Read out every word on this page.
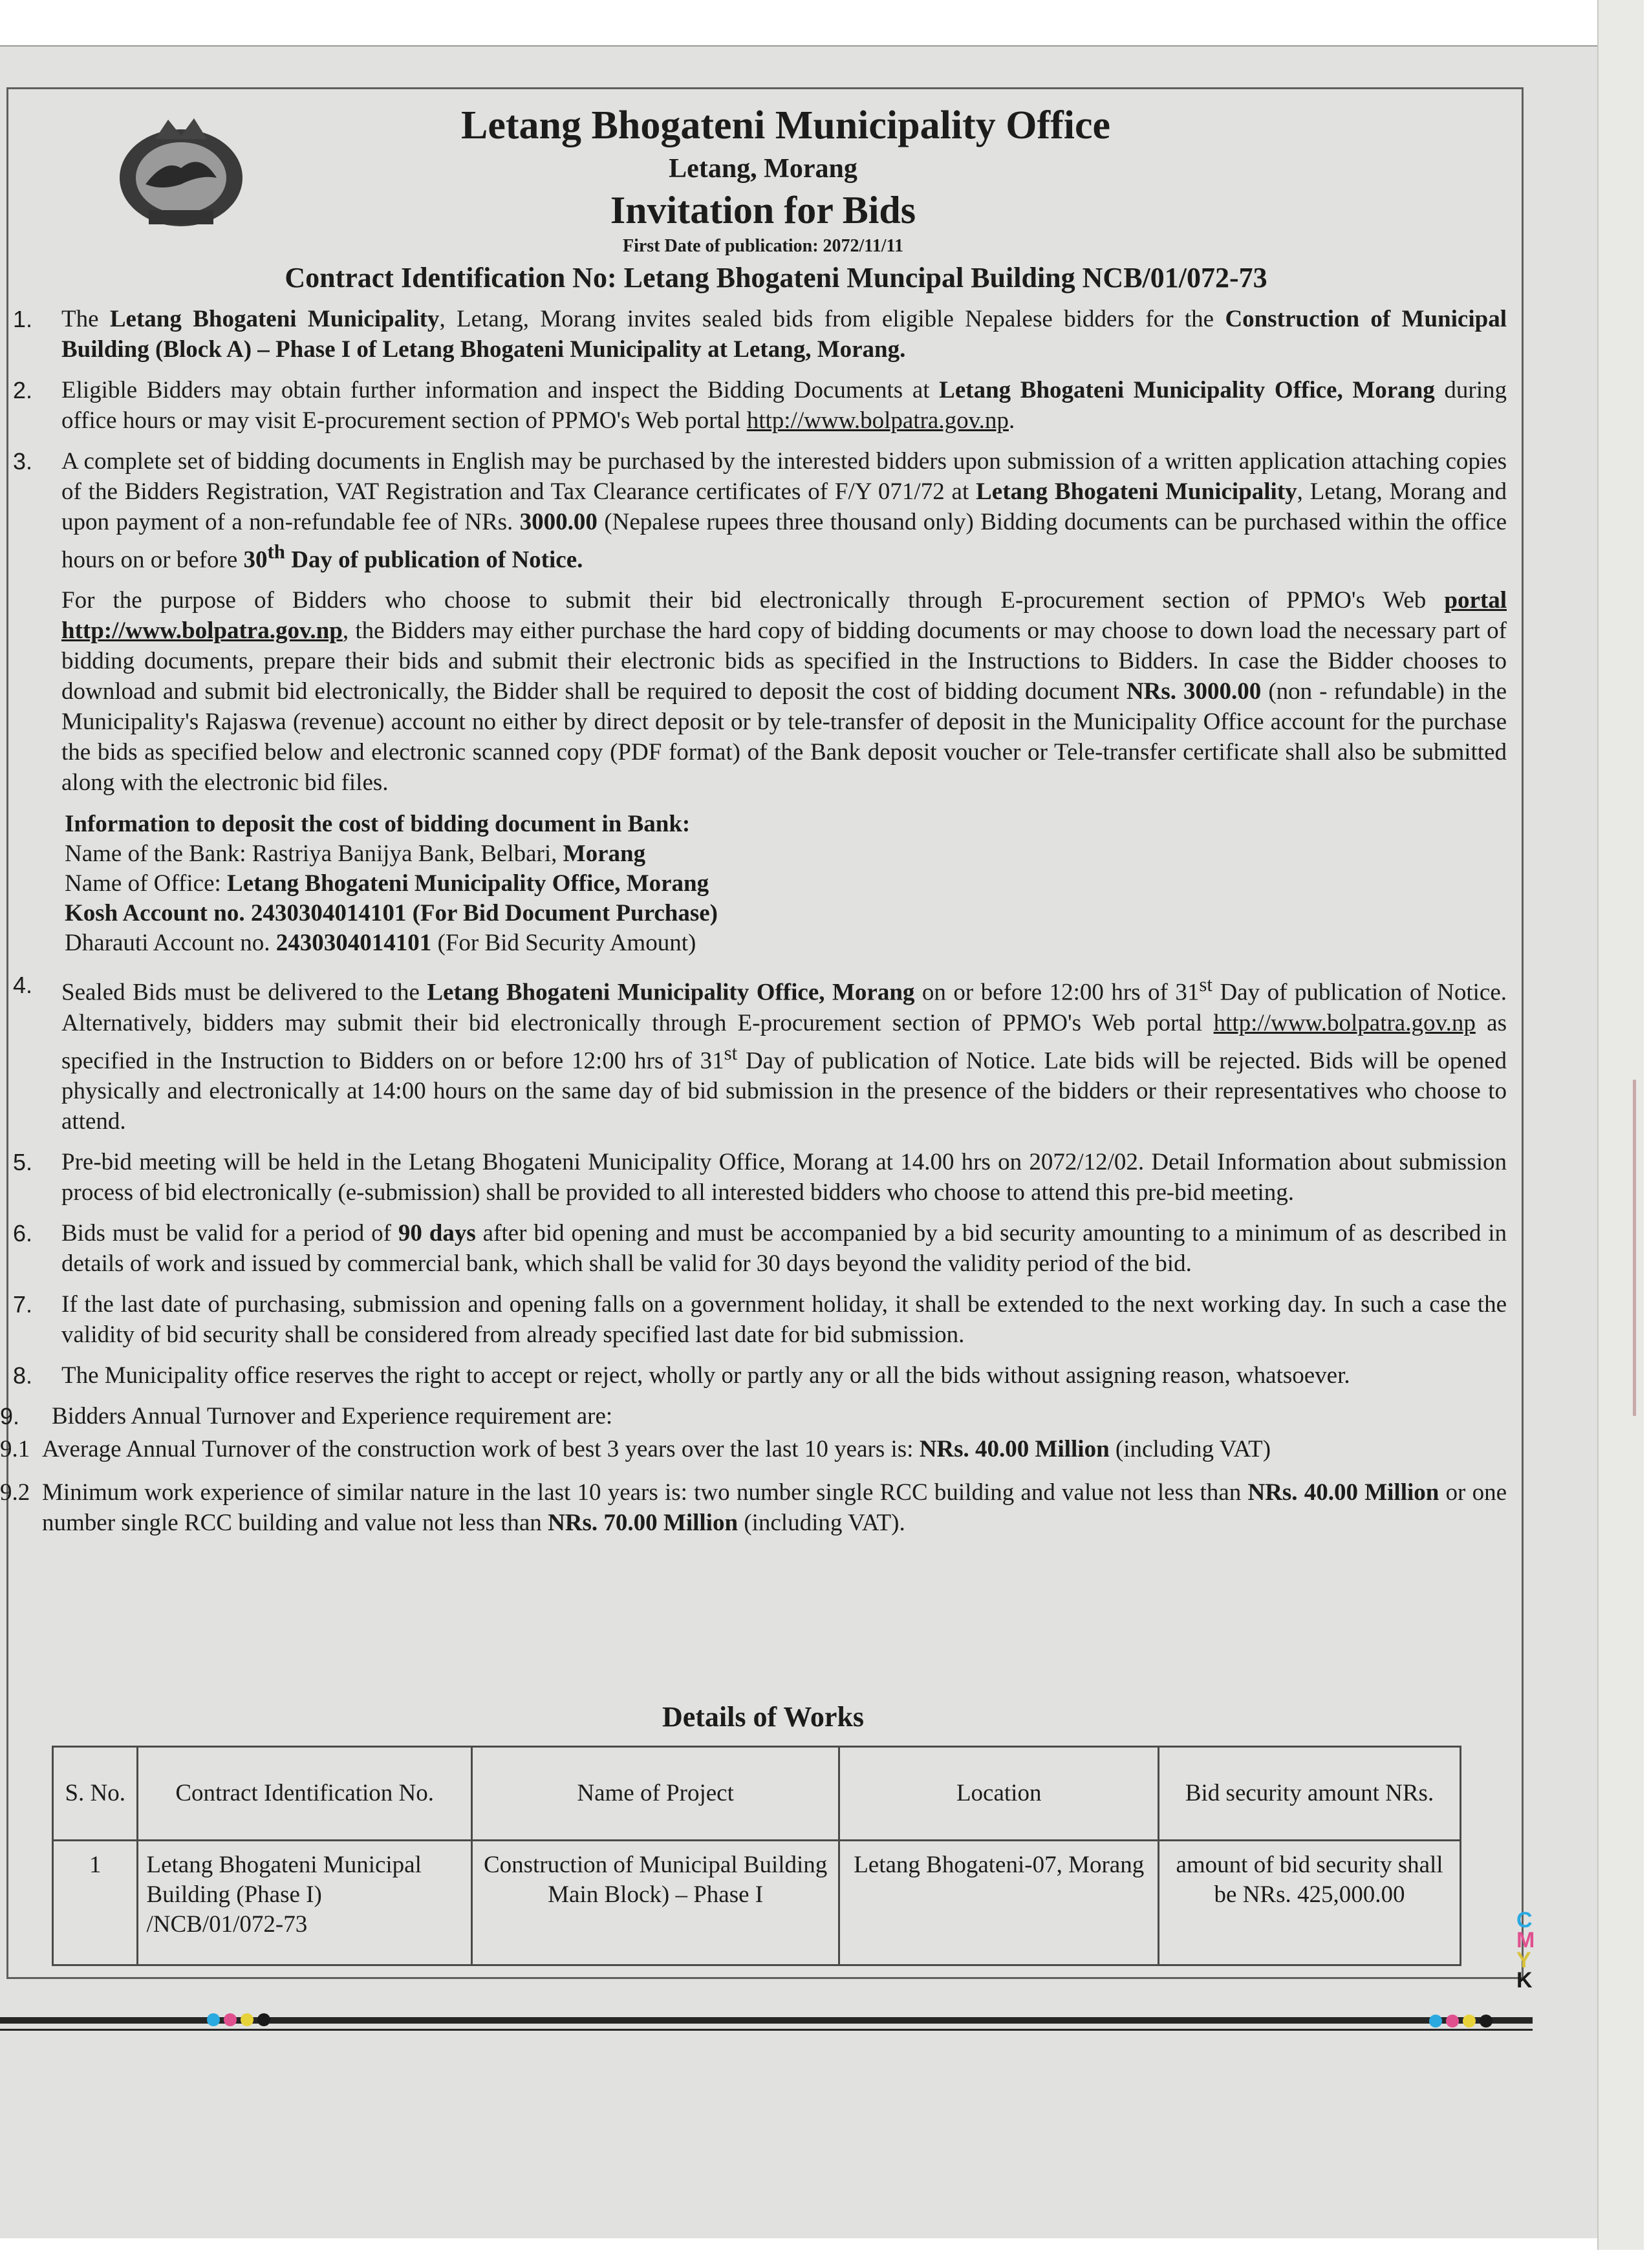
Letang Bhogateni Municipality Office
Letang, Morang
Invitation for Bids
First Date of publication: 2072/11/11
Contract Identification No: Letang Bhogateni Muncipal Building NCB/01/072-73
1. The Letang Bhogateni Municipality, Letang, Morang invites sealed bids from eligible Nepalese bidders for the Construction of Municipal Building (Block A) – Phase I of Letang Bhogateni Municipality at Letang, Morang.
2. Eligible Bidders may obtain further information and inspect the Bidding Documents at Letang Bhogateni Municipality Office, Morang during office hours or may visit E-procurement section of PPMO's Web portal http://www.bolpatra.gov.np.
3. A complete set of bidding documents in English may be purchased by the interested bidders upon submission of a written application attaching copies of the Bidders Registration, VAT Registration and Tax Clearance certificates of F/Y 071/72 at Letang Bhogateni Municipality, Letang, Morang and upon payment of a non-refundable fee of NRs. 3000.00 (Nepalese rupees three thousand only) Bidding documents can be purchased within the office hours on or before 30th Day of publication of Notice.
For the purpose of Bidders who choose to submit their bid electronically through E-procurement section of PPMO's Web portal http://www.bolpatra.gov.np, the Bidders may either purchase the hard copy of bidding documents or may choose to down load the necessary part of bidding documents, prepare their bids and submit their electronic bids as specified in the Instructions to Bidders. In case the Bidder chooses to download and submit bid electronically, the Bidder shall be required to deposit the cost of bidding document NRs. 3000.00 (non - refundable) in the Municipality's Rajaswa (revenue) account no either by direct deposit or by tele-transfer of deposit in the Municipality Office account for the purchase the bids as specified below and electronic scanned copy (PDF format) of the Bank deposit voucher or Tele-transfer certificate shall also be submitted along with the electronic bid files.
Information to deposit the cost of bidding document in Bank:
Name of the Bank: Rastriya Banijya Bank, Belbari, Morang
Name of Office: Letang Bhogateni Municipality Office, Morang
Kosh Account no. 2430304014101 (For Bid Document Purchase)
Dharauti Account no. 2430304014101 (For Bid Security Amount)
4. Sealed Bids must be delivered to the Letang Bhogateni Municipality Office, Morang on or before 12:00 hrs of 31st Day of publication of Notice. Alternatively, bidders may submit their bid electronically through E-procurement section of PPMO's Web portal http://www.bolpatra.gov.np as specified in the Instruction to Bidders on or before 12:00 hrs of 31st Day of publication of Notice. Late bids will be rejected. Bids will be opened physically and electronically at 14:00 hours on the same day of bid submission in the presence of the bidders or their representatives who choose to attend.
5. Pre-bid meeting will be held in the Letang Bhogateni Municipality Office, Morang at 14.00 hrs on 2072/12/02. Detail Information about submission process of bid electronically (e-submission) shall be provided to all interested bidders who choose to attend this pre-bid meeting.
6. Bids must be valid for a period of 90 days after bid opening and must be accompanied by a bid security amounting to a minimum of as described in details of work and issued by commercial bank, which shall be valid for 30 days beyond the validity period of the bid.
7. If the last date of purchasing, submission and opening falls on a government holiday, it shall be extended to the next working day. In such a case the validity of bid security shall be considered from already specified last date for bid submission.
8. The Municipality office reserves the right to accept or reject, wholly or partly any or all the bids without assigning reason, whatsoever.
9. Bidders Annual Turnover and Experience requirement are:
9.1 Average Annual Turnover of the construction work of best 3 years over the last 10 years is: NRs. 40.00 Million (including VAT)
9.2 Minimum work experience of similar nature in the last 10 years is: two number single RCC building and value not less than NRs. 40.00 Million or one number single RCC building and value not less than NRs. 70.00 Million (including VAT).
Details of Works
S. No.	Contract Identification No.	Name of Project	Location	Bid security amount NRs.
1	Letang Bhogateni Municipal Building (Phase I) /NCB/01/072-73	Construction of Municipal Building Main Block) – Phase I	Letang Bhogateni-07, Morang	amount of bid security shall be NRs. 425,000.00
C
M
Y
K
